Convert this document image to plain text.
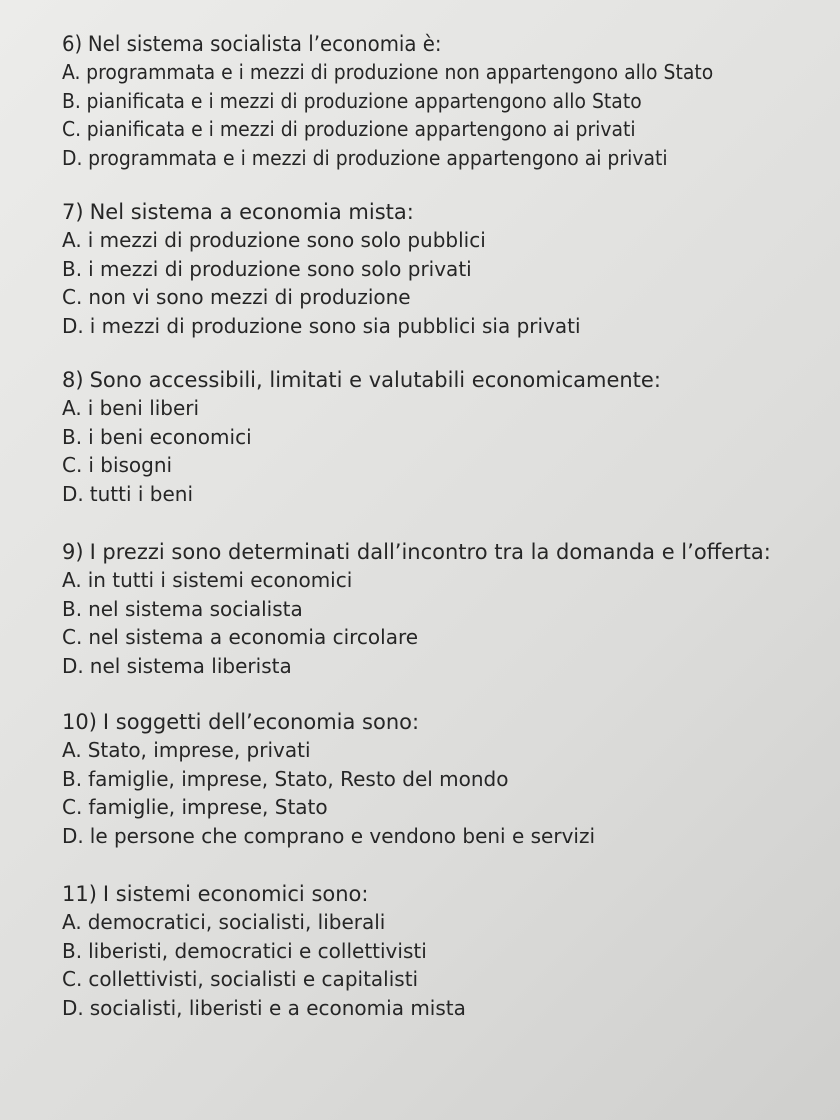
6) Nel sistema socialista l’economia è:
A. programmata e i mezzi di produzione non appartengono allo Stato
B. pianificata e i mezzi di produzione appartengono allo Stato
C. pianificata e i mezzi di produzione appartengono ai privati
D. programmata e i mezzi di produzione appartengono ai privati
7) Nel sistema a economia mista:
A. i mezzi di produzione sono solo pubblici
B. i mezzi di produzione sono solo privati
C. non vi sono mezzi di produzione
D. i mezzi di produzione sono sia pubblici sia privati
8) Sono accessibili, limitati e valutabili economicamente:
A. i beni liberi
B. i beni economici
C. i bisogni
D. tutti i beni
9) I prezzi sono determinati dall’incontro tra la domanda e l’offerta:
A. in tutti i sistemi economici
B. nel sistema socialista
C. nel sistema a economia circolare
D. nel sistema liberista
10) I soggetti dell’economia sono:
A. Stato, imprese, privati
B. famiglie, imprese, Stato, Resto del mondo
C. famiglie, imprese, Stato
D. le persone che comprano e vendono beni e servizi
11) I sistemi economici sono:
A. democratici, socialisti, liberali
B. liberisti, democratici e collettivisti
C. collettivisti, socialisti e capitalisti
D. socialisti, liberisti e a economia mista
